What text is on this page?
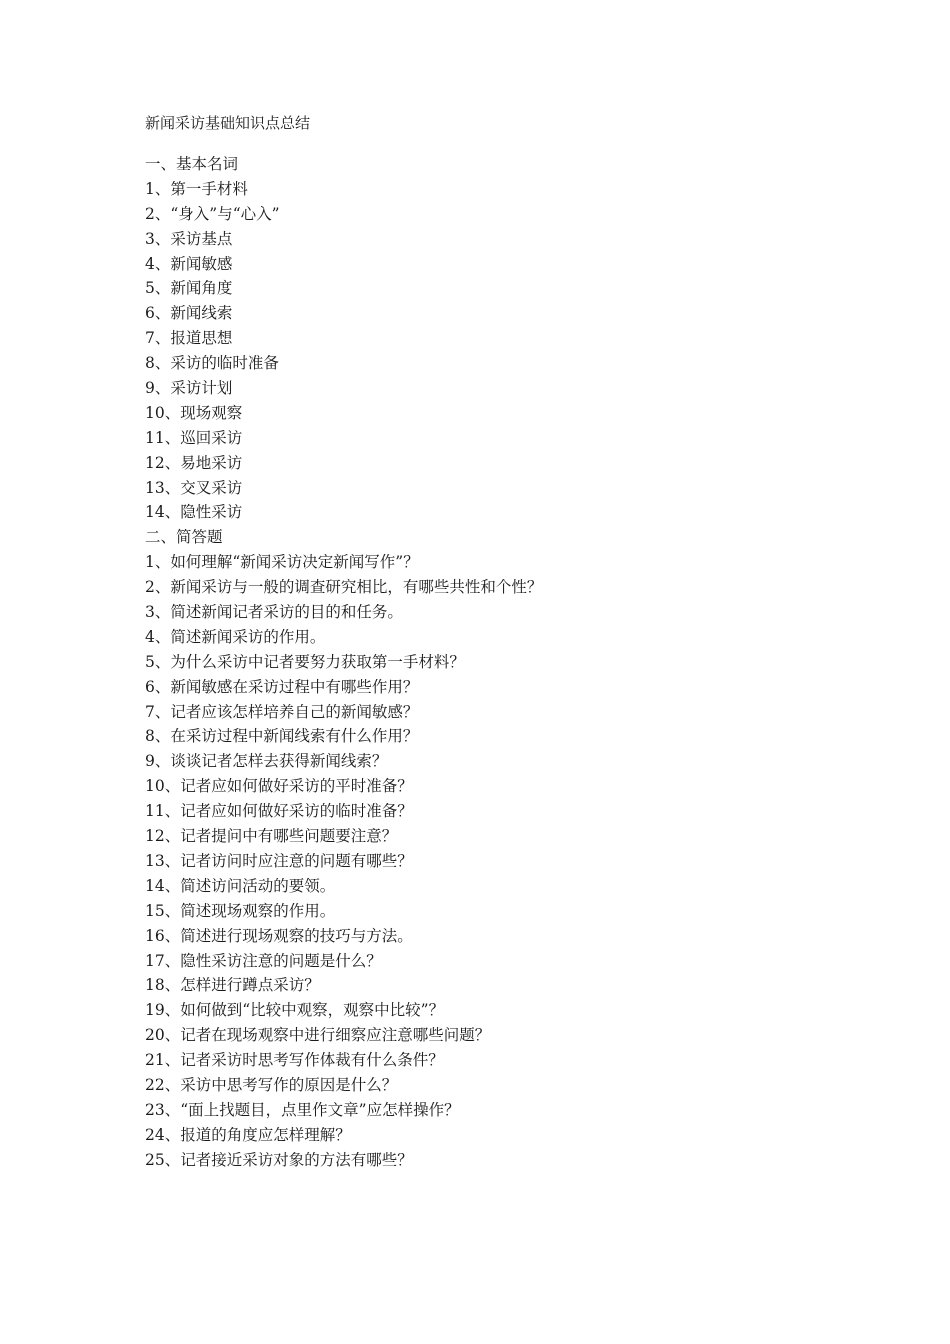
新闻采访基础知识点总结
一、基本名词
1、第一手材料
2、“身入”与“心入”
3、采访基点
4、新闻敏感
5、新闻角度
6、新闻线索
7、报道思想
8、采访的临时准备
9、采访计划
10、现场观察
11、巡回采访
12、易地采访
13、交叉采访
14、隐性采访
二、简答题
1、如何理解“新闻采访决定新闻写作”？
2、新闻采访与一般的调查研究相比，有哪些共性和个性？
3、简述新闻记者采访的目的和任务。
4、简述新闻采访的作用。
5、为什么采访中记者要努力获取第一手材料？
6、新闻敏感在采访过程中有哪些作用？
7、记者应该怎样培养自己的新闻敏感？
8、在采访过程中新闻线索有什么作用？
9、谈谈记者怎样去获得新闻线索？
10、记者应如何做好采访的平时准备？
11、记者应如何做好采访的临时准备？
12、记者提问中有哪些问题要注意？
13、记者访问时应注意的问题有哪些？
14、简述访问活动的要领。
15、简述现场观察的作用。
16、简述进行现场观察的技巧与方法。
17、隐性采访注意的问题是什么？
18、怎样进行蹲点采访？
19、如何做到“比较中观察，观察中比较”？
20、记者在现场观察中进行细察应注意哪些问题？
21、记者采访时思考写作体裁有什么条件？
22、采访中思考写作的原因是什么？
23、“面上找题目，点里作文章”应怎样操作？
24、报道的角度应怎样理解？
25、记者接近采访对象的方法有哪些？
